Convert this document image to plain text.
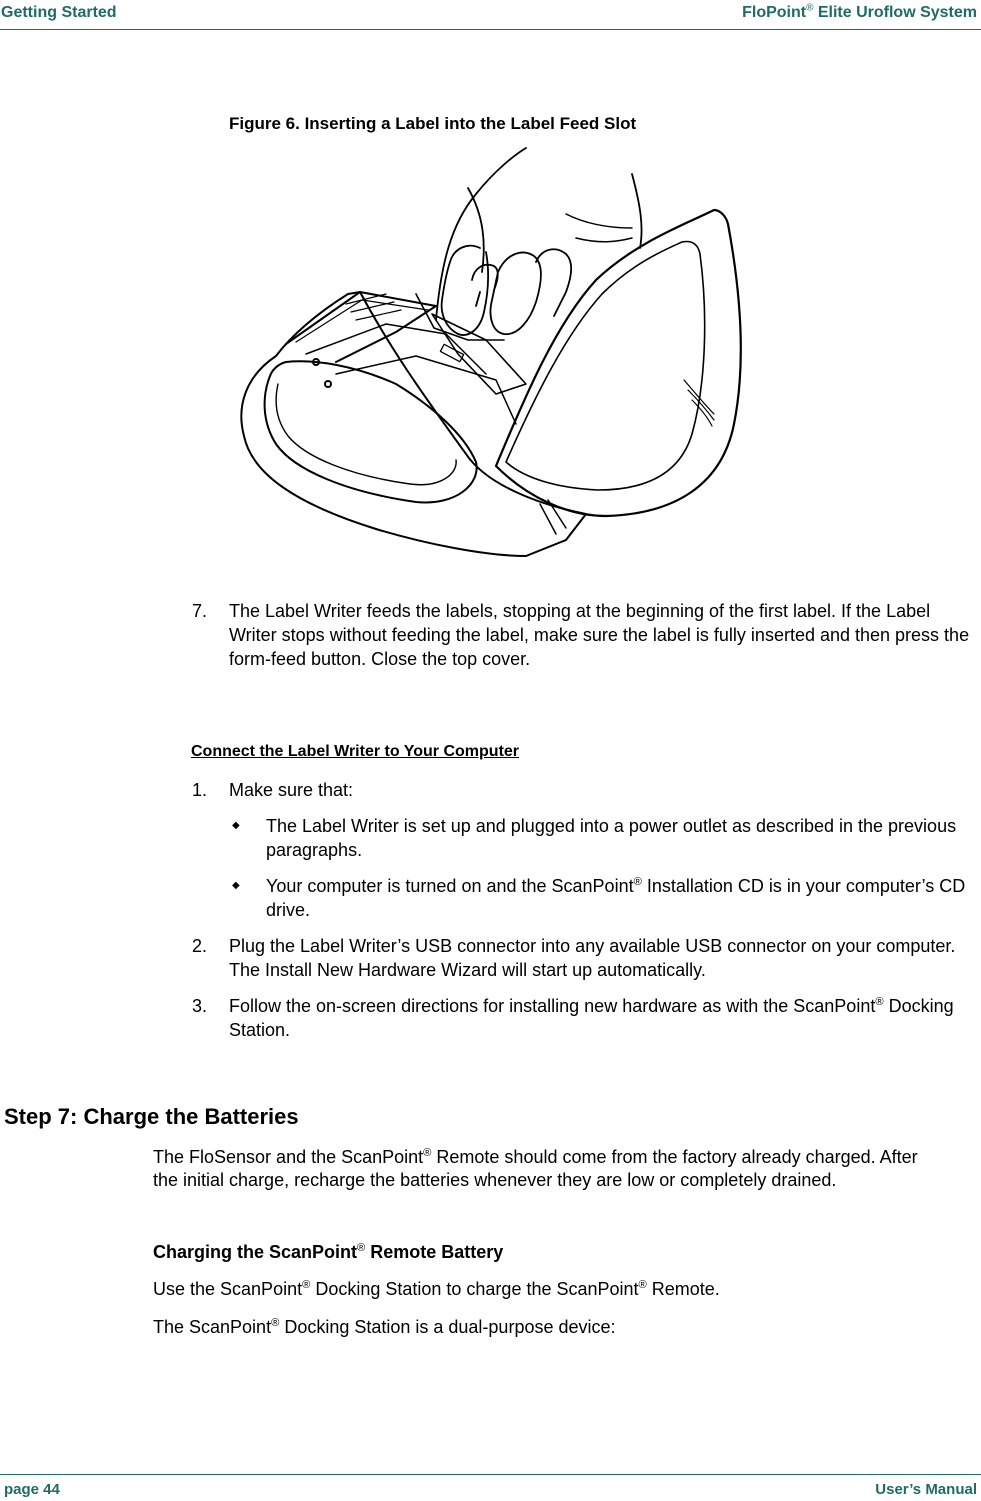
Getting Started	FloPoint® Elite Uroflow System
Figure 6. Inserting a Label into the Label Feed Slot
7. The Label Writer feeds the labels, stopping at the beginning of the first label. If the Label Writer stops without feeding the label, make sure the label is fully inserted and then press the form-feed button. Close the top cover.
Connect the Label Writer to Your Computer
1. Make sure that:
◆ The Label Writer is set up and plugged into a power outlet as described in the previous paragraphs.
◆ Your computer is turned on and the ScanPoint® Installation CD is in your computer’s CD drive.
2. Plug the Label Writer’s USB connector into any available USB connector on your computer. The Install New Hardware Wizard will start up automatically.
3. Follow the on-screen directions for installing new hardware as with the ScanPoint® Docking Station.
Step 7: Charge the Batteries
The FloSensor and the ScanPoint® Remote should come from the factory already charged. After the initial charge, recharge the batteries whenever they are low or completely drained.
Charging the ScanPoint® Remote Battery
Use the ScanPoint® Docking Station to charge the ScanPoint® Remote.
The ScanPoint® Docking Station is a dual-purpose device:
page 44	User’s Manual
